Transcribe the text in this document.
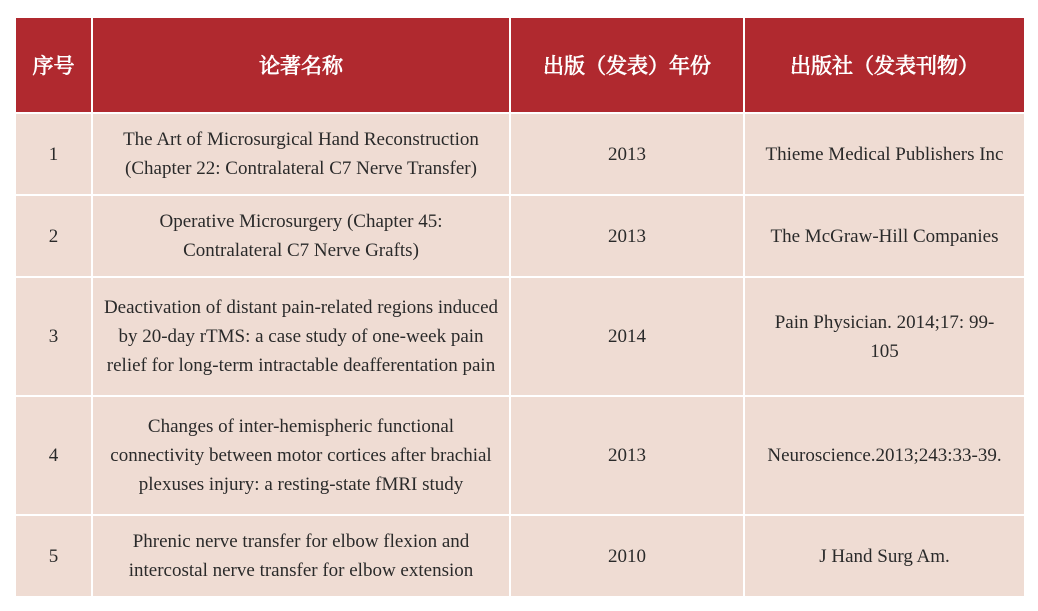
序号	论著名称	出版（发表）年份	出版社（发表刊物）
1	The Art of Microsurgical Hand Reconstruction (Chapter 22: Contralateral C7 Nerve Transfer)	2013	Thieme Medical Publishers Inc
2	Operative Microsurgery (Chapter 45: Contralateral C7 Nerve Grafts)	2013	The McGraw-Hill Companies
3	Deactivation of distant pain-related regions induced by 20-day rTMS: a case study of one-week pain relief for long-term intractable deafferentation pain	2014	Pain Physician. 2014;17: 99-105
4	Changes of inter-hemispheric functional connectivity between motor cortices after brachial plexuses injury: a resting-state fMRI study	2013	Neuroscience.2013;243:33-39.
5	Phrenic nerve transfer for elbow flexion and intercostal nerve transfer for elbow extension	2010	J Hand Surg Am.
